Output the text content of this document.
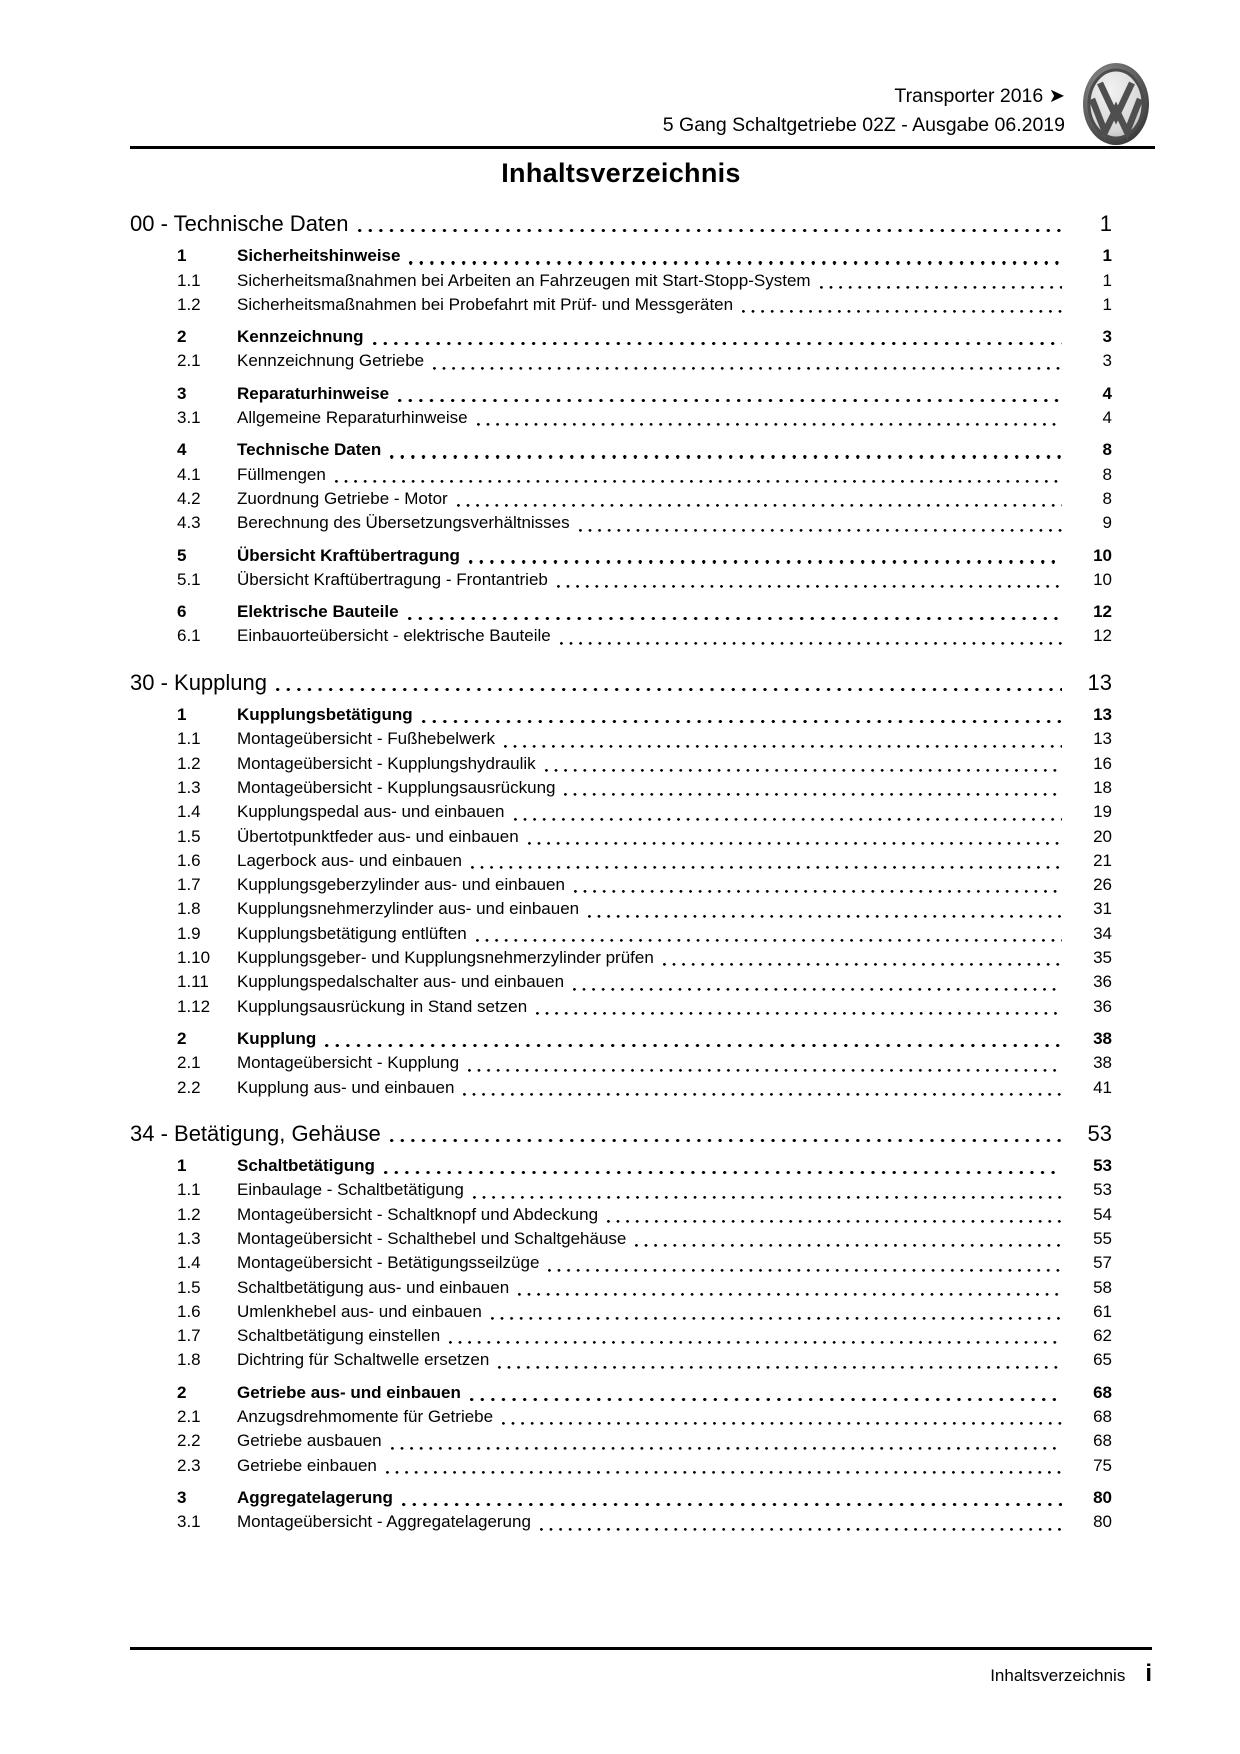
Transporter 2016 ➤
5 Gang Schaltgetriebe 02Z - Ausgabe 06.2019
Inhaltsverzeichnis
00 - Technische Daten	1
1	Sicherheitshinweise	1
1.1	Sicherheitsmaßnahmen bei Arbeiten an Fahrzeugen mit Start-Stopp-System	1
1.2	Sicherheitsmaßnahmen bei Probefahrt mit Prüf- und Messgeräten	1
2	Kennzeichnung	3
2.1	Kennzeichnung Getriebe	3
3	Reparaturhinweise	4
3.1	Allgemeine Reparaturhinweise	4
4	Technische Daten	8
4.1	Füllmengen	8
4.2	Zuordnung Getriebe - Motor	8
4.3	Berechnung des Übersetzungsverhältnisses	9
5	Übersicht Kraftübertragung	10
5.1	Übersicht Kraftübertragung - Frontantrieb	10
6	Elektrische Bauteile	12
6.1	Einbauorteübersicht - elektrische Bauteile	12
30 - Kupplung	13
1	Kupplungsbetätigung	13
1.1	Montageübersicht - Fußhebelwerk	13
1.2	Montageübersicht - Kupplungshydraulik	16
1.3	Montageübersicht - Kupplungsausrückung	18
1.4	Kupplungspedal aus- und einbauen	19
1.5	Übertotpunktfeder aus- und einbauen	20
1.6	Lagerbock aus- und einbauen	21
1.7	Kupplungsgeberzylinder aus- und einbauen	26
1.8	Kupplungsnehmerzylinder aus- und einbauen	31
1.9	Kupplungsbetätigung entlüften	34
1.10	Kupplungsgeber- und Kupplungsnehmerzylinder prüfen	35
1.11	Kupplungspedalschalter aus- und einbauen	36
1.12	Kupplungsausrückung in Stand setzen	36
2	Kupplung	38
2.1	Montageübersicht - Kupplung	38
2.2	Kupplung aus- und einbauen	41
34 - Betätigung, Gehäuse	53
1	Schaltbetätigung	53
1.1	Einbaulage - Schaltbetätigung	53
1.2	Montageübersicht - Schaltknopf und Abdeckung	54
1.3	Montageübersicht - Schalthebel und Schaltgehäuse	55
1.4	Montageübersicht - Betätigungsseilzüge	57
1.5	Schaltbetätigung aus- und einbauen	58
1.6	Umlenkhebel aus- und einbauen	61
1.7	Schaltbetätigung einstellen	62
1.8	Dichtring für Schaltwelle ersetzen	65
2	Getriebe aus- und einbauen	68
2.1	Anzugsdrehmomente für Getriebe	68
2.2	Getriebe ausbauen	68
2.3	Getriebe einbauen	75
3	Aggregatelagerung	80
3.1	Montageübersicht - Aggregatelagerung	80
Inhaltsverzeichnis i
